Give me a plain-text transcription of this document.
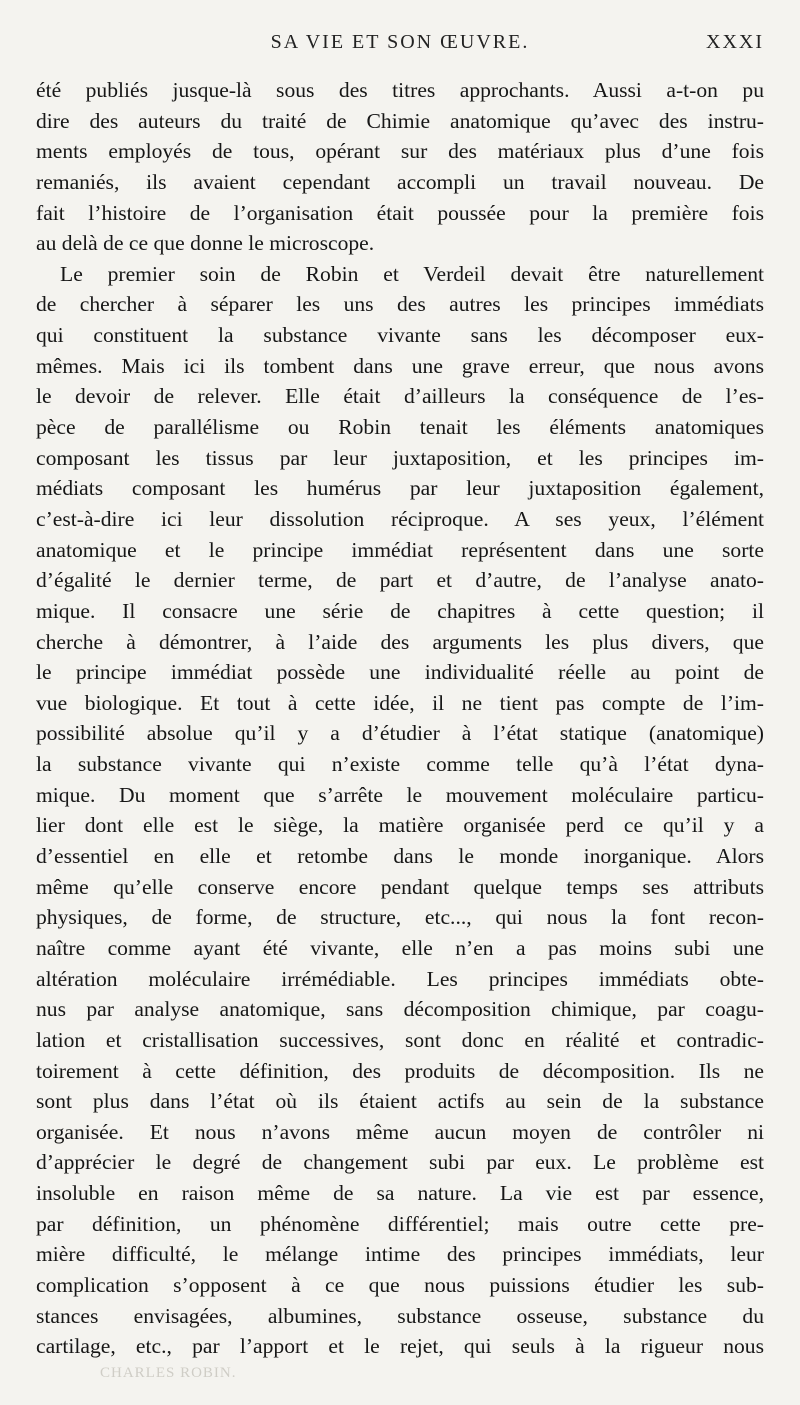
SA VIE ET SON ŒUVRE.	XXXI
été publiés jusque-là sous des titres approchants. Aussi a-t-on pu
dire des auteurs du traité de Chimie anatomique qu’avec des instru-
ments employés de tous, opérant sur des matériaux plus d’une fois
remaniés, ils avaient cependant accompli un travail nouveau. De
fait l’histoire de l’organisation était poussée pour la première fois
au delà de ce que donne le microscope.
Le premier soin de Robin et Verdeil devait être naturellement
de chercher à séparer les uns des autres les principes immédiats
qui constituent la substance vivante sans les décomposer eux-
mêmes. Mais ici ils tombent dans une grave erreur, que nous avons
le devoir de relever. Elle était d’ailleurs la conséquence de l’es-
pèce de parallélisme ou Robin tenait les éléments anatomiques
composant les tissus par leur juxtaposition, et les principes im-
médiats composant les humérus par leur juxtaposition également,
c’est-à-dire ici leur dissolution réciproque. A ses yeux, l’élément
anatomique et le principe immédiat représentent dans une sorte
d’égalité le dernier terme, de part et d’autre, de l’analyse anato-
mique. Il consacre une série de chapitres à cette question; il
cherche à démontrer, à l’aide des arguments les plus divers, que
le principe immédiat possède une individualité réelle au point de
vue biologique. Et tout à cette idée, il ne tient pas compte de l’im-
possibilité absolue qu’il y a d’étudier à l’état statique (anatomique)
la substance vivante qui n’existe comme telle qu’à l’état dyna-
mique. Du moment que s’arrête le mouvement moléculaire particu-
lier dont elle est le siège, la matière organisée perd ce qu’il y a
d’essentiel en elle et retombe dans le monde inorganique. Alors
même qu’elle conserve encore pendant quelque temps ses attributs
physiques, de forme, de structure, etc..., qui nous la font recon-
naître comme ayant été vivante, elle n’en a pas moins subi une
altération moléculaire irrémédiable. Les principes immédiats obte-
nus par analyse anatomique, sans décomposition chimique, par coagu-
lation et cristallisation successives, sont donc en réalité et contradic-
toirement à cette définition, des produits de décomposition. Ils ne
sont plus dans l’état où ils étaient actifs au sein de la substance
organisée. Et nous n’avons même aucun moyen de contrôler ni
d’apprécier le degré de changement subi par eux. Le problème est
insoluble en raison même de sa nature. La vie est par essence,
par définition, un phénomène différentiel; mais outre cette pre-
mière difficulté, le mélange intime des principes immédiats, leur
complication s’opposent à ce que nous puissions étudier les sub-
stances envisagées, albumines, substance osseuse, substance du
cartilage, etc., par l’apport et le rejet, qui seuls à la rigueur nous
CHARLES ROBIN.
